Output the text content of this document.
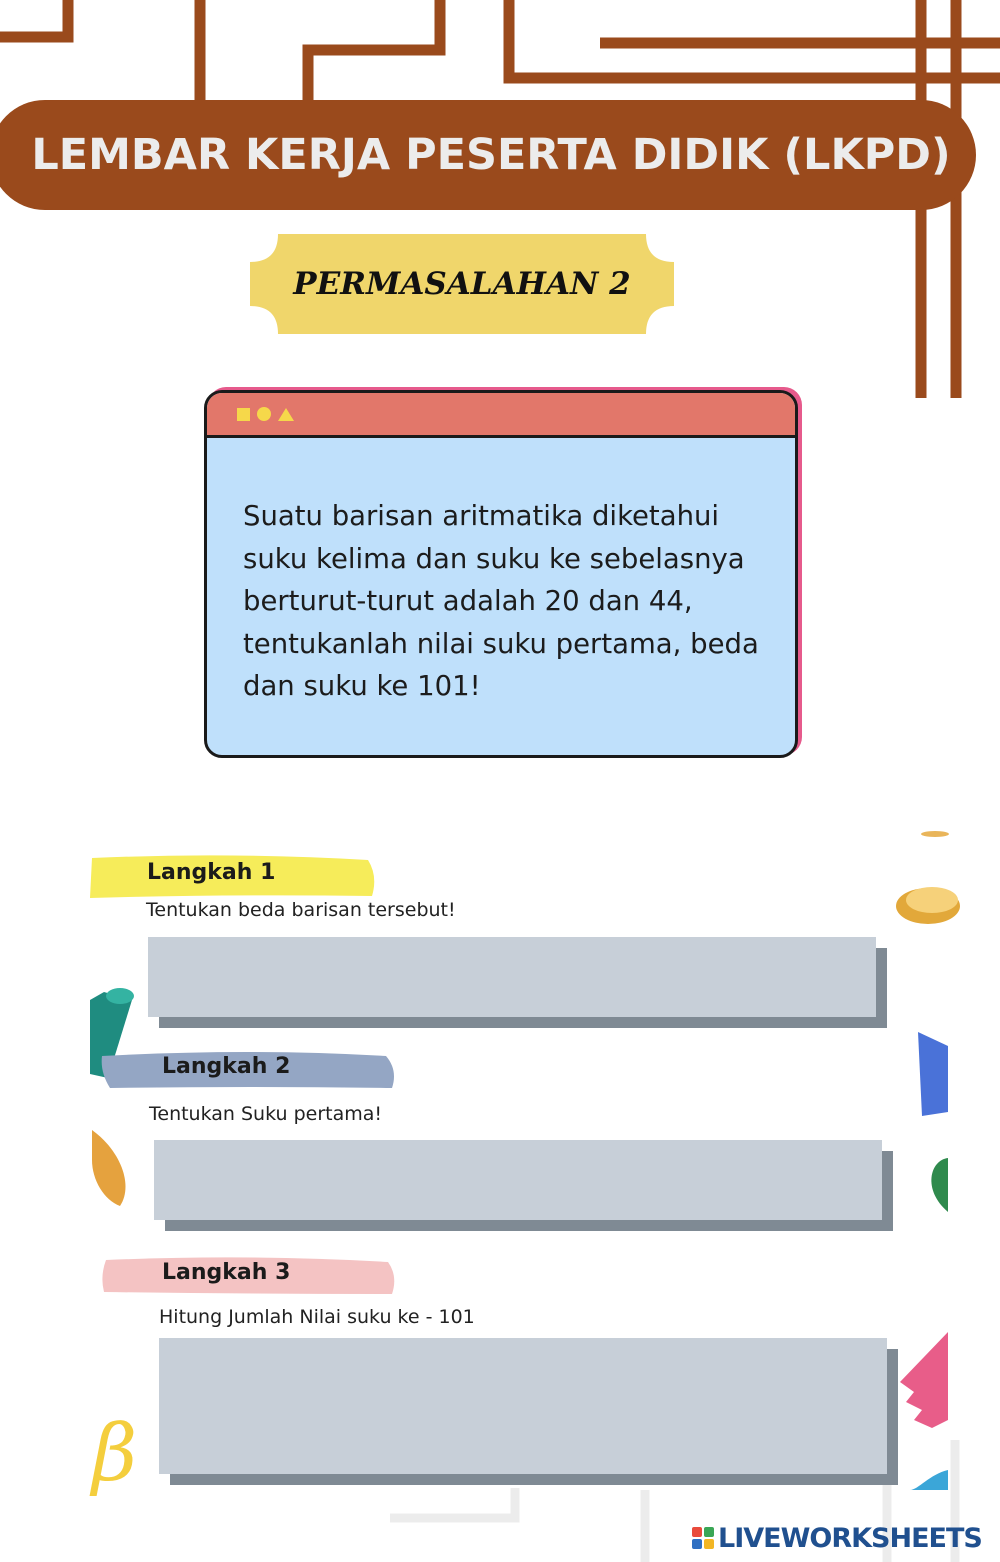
β
LEMBAR KERJA PESERTA DIDIK (LKPD)
PERMASALAHAN 2
Suatu barisan aritmatika diketahui suku kelima dan suku ke sebelasnya berturut-turut adalah 20 dan 44, tentukanlah nilai suku pertama, beda dan suku ke 101!
Langkah 1
Tentukan beda barisan tersebut!
Langkah 2
Tentukan Suku pertama!
Langkah 3
Hitung Jumlah Nilai suku ke - 101
LIVEWORKSHEETS
